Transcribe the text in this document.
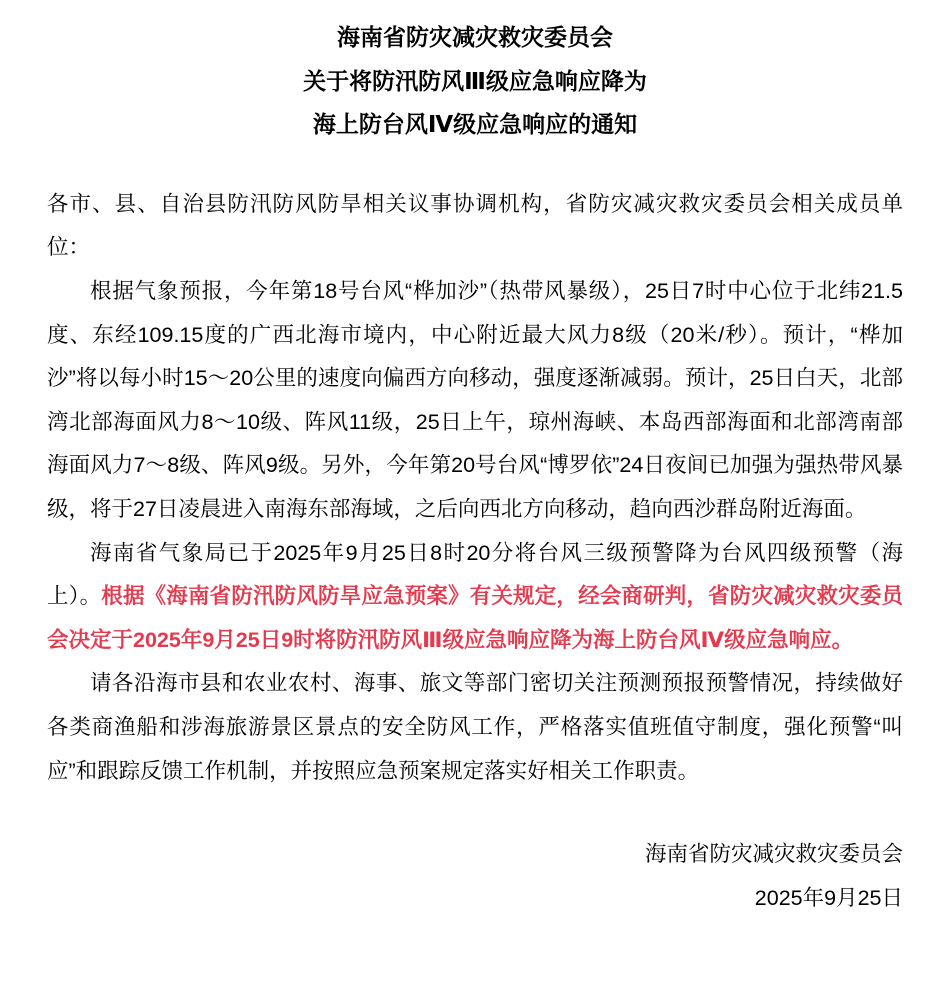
海南省防灾减灾救灾委员会
关于将防汛防风Ⅲ级应急响应降为
海上防台风Ⅳ级应急响应的通知

各市、县、自治县防汛防风防旱相关议事协调机构，省防灾减灾救灾委员会相关成员单位：

根据气象预报，今年第18号台风“桦加沙”（热带风暴级），25日7时中心位于北纬21.5度、东经109.15度的广西北海市境内，中心附近最大风力8级（20米/秒）。预计，“桦加沙”将以每小时15～20公里的速度向偏西方向移动，强度逐渐减弱。预计，25日白天，北部湾北部海面风力8～10级、阵风11级，25日上午，琼州海峡、本岛西部海面和北部湾南部海面风力7～8级、阵风9级。另外，今年第20号台风“博罗依”24日夜间已加强为强热带风暴级，将于27日凌晨进入南海东部海域，之后向西北方向移动，趋向西沙群岛附近海面。

海南省气象局已于2025年9月25日8时20分将台风三级预警降为台风四级预警（海上）。根据《海南省防汛防风防旱应急预案》有关规定，经会商研判，省防灾减灾救灾委员会决定于2025年9月25日9时将防汛防风Ⅲ级应急响应降为海上防台风Ⅳ级应急响应。

请各沿海市县和农业农村、海事、旅文等部门密切关注预测预报预警情况，持续做好各类商渔船和涉海旅游景区景点的安全防风工作，严格落实值班值守制度，强化预警“叫应”和跟踪反馈工作机制，并按照应急预案规定落实好相关工作职责。

海南省防灾减灾救灾委员会
2025年9月25日
